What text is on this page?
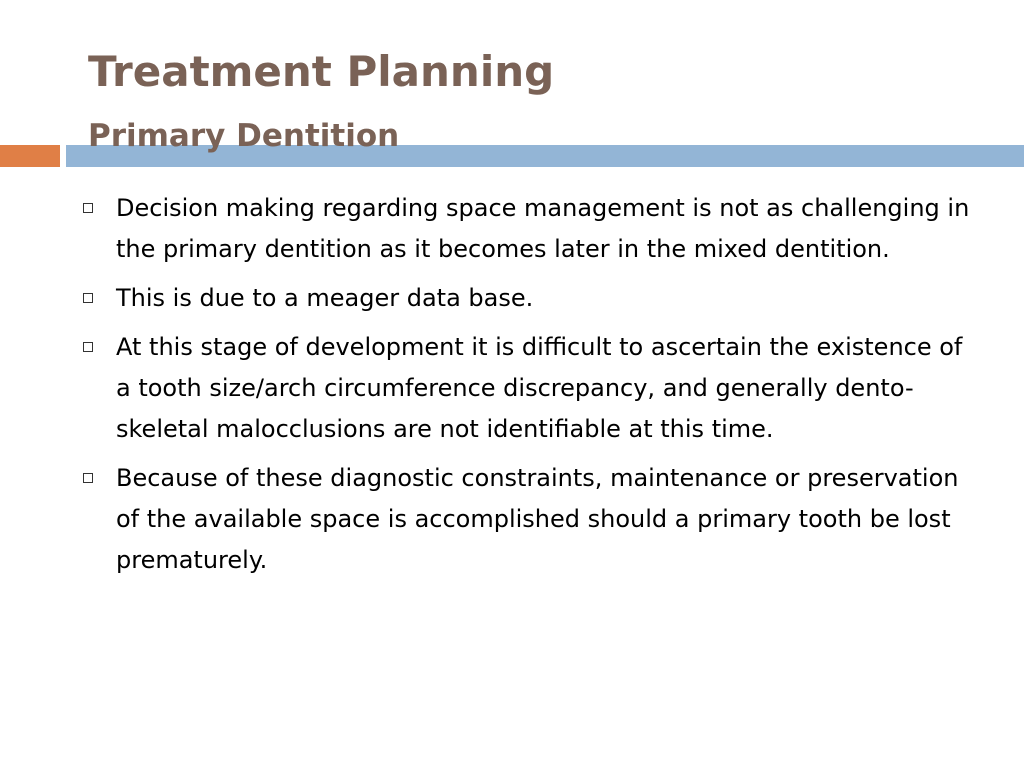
Treatment Planning
Primary Dentition
Decision making regarding space management is not as challenging in the primary dentition as it becomes later in the mixed dentition.
This is due to a meager data base.
At this stage of development it is difficult to ascertain the existence of a tooth size/arch circumference discrepancy, and generally dento-skeletal malocclusions are not identifiable at this time.
Because of these diagnostic constraints, maintenance or preservation of the available space is accomplished should a primary tooth be lost prematurely.
